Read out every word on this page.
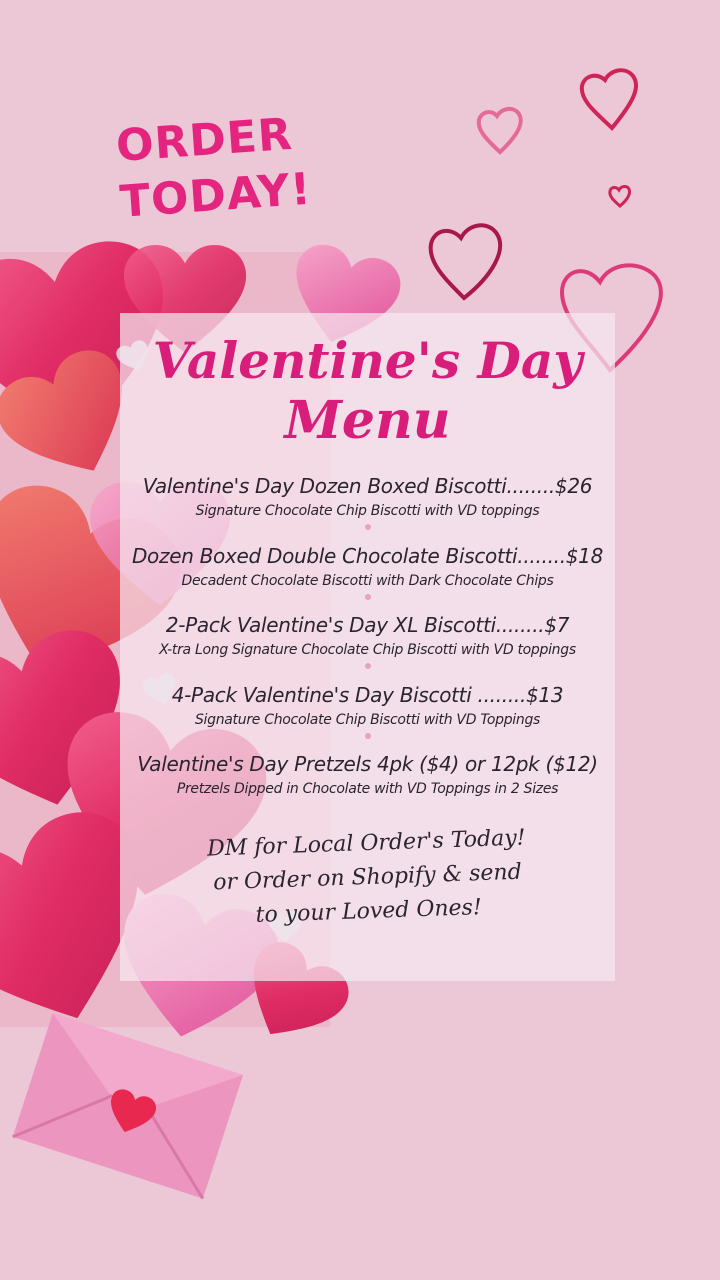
ORDER
TODAY!
Valentine's Day
Menu
Valentine's Day Dozen Boxed Biscotti........$26
Signature Chocolate Chip Biscotti with VD toppings
Dozen Boxed Double Chocolate Biscotti........$18
Decadent Chocolate Biscotti with Dark Chocolate Chips
2-Pack Valentine's Day XL Biscotti........$7
X-tra Long Signature Chocolate Chip Biscotti with VD toppings
4-Pack Valentine's Day Biscotti ........$13
Signature Chocolate Chip Biscotti with VD Toppings
Valentine's Day Pretzels 4pk ($4) or 12pk ($12)
Pretzels Dipped in Chocolate with VD Toppings in 2 Sizes
DM for Local Order's Today!
or Order on Shopify & send
to your Loved Ones!
